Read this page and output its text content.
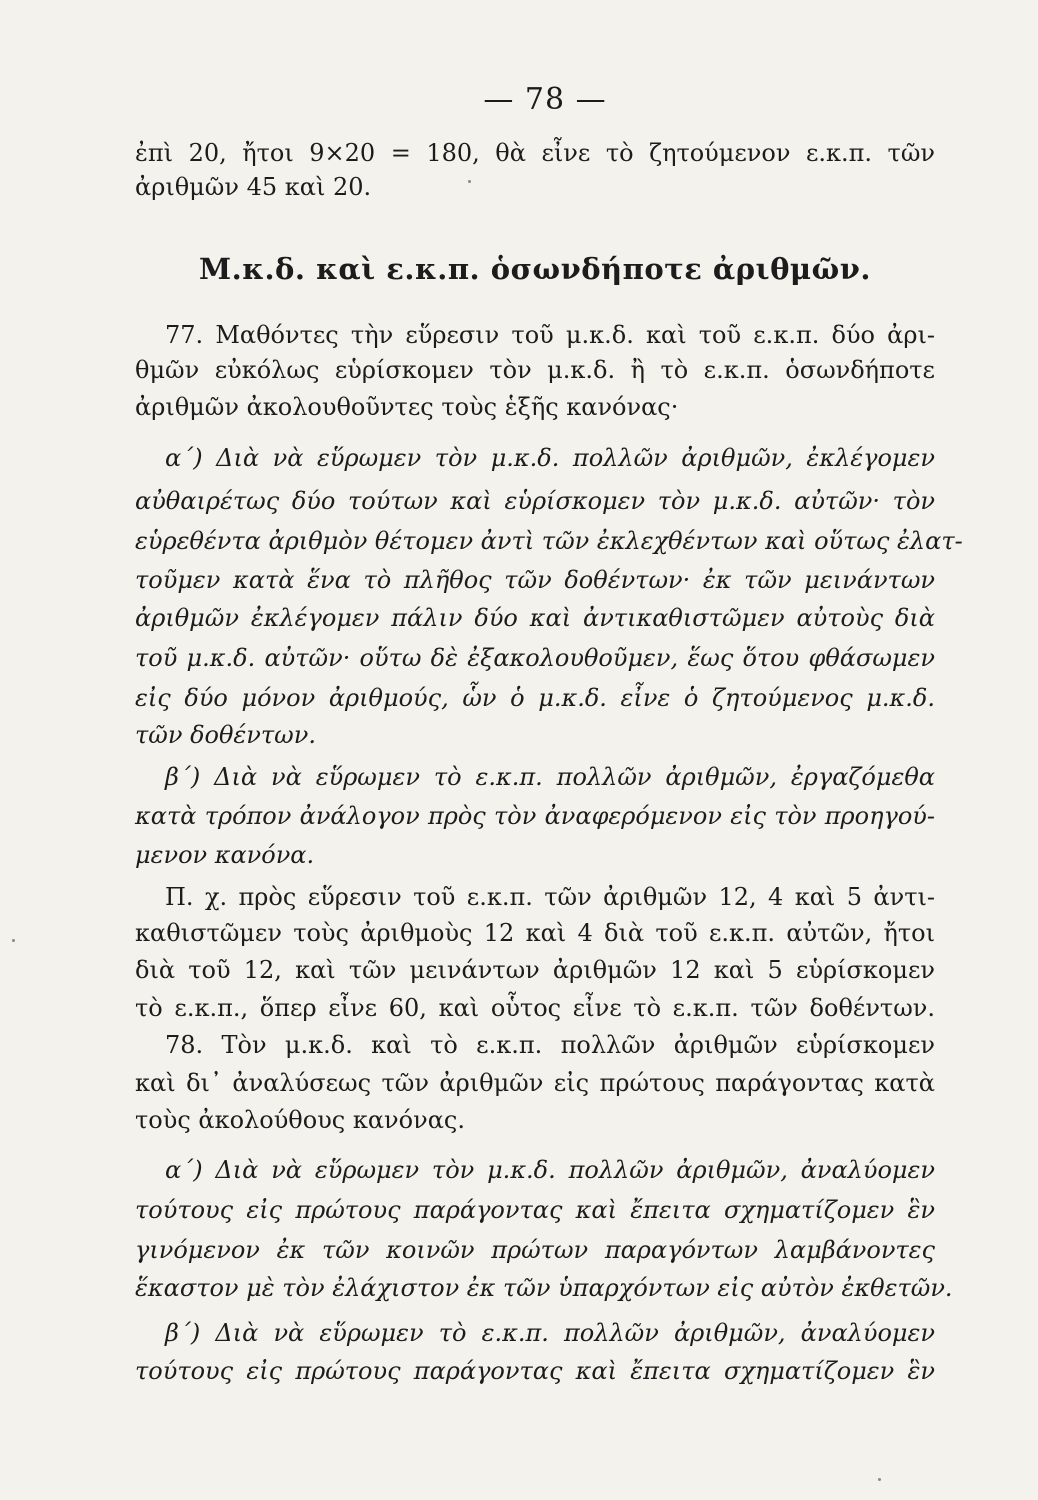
— 78 —
ἐπὶ 20, ἤτοι 9×20 = 180, θὰ εἶνε τὸ ζητούμενον ε.κ.π. τῶν
ἀριθμῶν 45 καὶ 20.
Μ.κ.δ. καὶ ε.κ.π. ὁσωνδήποτε ἀριθμῶν.
77. Μαθόντες τὴν εὕρεσιν τοῦ μ.κ.δ. καὶ τοῦ ε.κ.π. δύο ἀρι-
θμῶν εὐκόλως εὑρίσκομεν τὸν μ.κ.δ. ἢ τὸ ε.κ.π. ὁσωνδήποτε
ἀριθμῶν ἀκολουθοῦντες τοὺς ἑξῆς κανόνας·
α΄) Διὰ νὰ εὕρωμεν τὸν μ.κ.δ. πολλῶν ἀριθμῶν, ἐκλέγομεν
αὐθαιρέτως δύο τούτων καὶ εὑρίσκομεν τὸν μ.κ.δ. αὐτῶν· τὸν
εὑρεθέντα ἀριθμὸν θέτομεν ἀντὶ τῶν ἐκλεχθέντων καὶ οὕτως ἐλατ-
τοῦμεν κατὰ ἕνα τὸ πλῆθος τῶν δοθέντων· ἐκ τῶν μεινάντων
ἀριθμῶν ἐκλέγομεν πάλιν δύο καὶ ἀντικαθιστῶμεν αὐτοὺς διὰ
τοῦ μ.κ.δ. αὐτῶν· οὕτω δὲ ἐξακολουθοῦμεν, ἕως ὅτου φθάσωμεν
εἰς δύο μόνον ἀριθμούς, ὧν ὁ μ.κ.δ. εἶνε ὁ ζητούμενος μ.κ.δ.
τῶν δοθέντων.
β΄) Διὰ νὰ εὕρωμεν τὸ ε.κ.π. πολλῶν ἀριθμῶν, ἐργαζόμεθα
κατὰ τρόπον ἀνάλογον πρὸς τὸν ἀναφερόμενον εἰς τὸν προηγού-
μενον κανόνα.
Π. χ. πρὸς εὕρεσιν τοῦ ε.κ.π. τῶν ἀριθμῶν 12, 4 καὶ 5 ἀντι-
καθιστῶμεν τοὺς ἀριθμοὺς 12 καὶ 4 διὰ τοῦ ε.κ.π. αὐτῶν, ἤτοι
διὰ τοῦ 12, καὶ τῶν μεινάντων ἀριθμῶν 12 καὶ 5 εὑρίσκομεν
τὸ ε.κ.π., ὅπερ εἶνε 60, καὶ οὗτος εἶνε τὸ ε.κ.π. τῶν δοθέντων.
78. Τὸν μ.κ.δ. καὶ τὸ ε.κ.π. πολλῶν ἀριθμῶν εὑρίσκομεν
καὶ δι᾽ ἀναλύσεως τῶν ἀριθμῶν εἰς πρώτους παράγοντας κατὰ
τοὺς ἀκολούθους κανόνας.
α΄) Διὰ νὰ εὕρωμεν τὸν μ.κ.δ. πολλῶν ἀριθμῶν, ἀναλύομεν
τούτους εἰς πρώτους παράγοντας καὶ ἔπειτα σχηματίζομεν ἓν
γινόμενον ἐκ τῶν κοινῶν πρώτων παραγόντων λαμβάνοντες
ἕκαστον μὲ τὸν ἐλάχιστον ἐκ τῶν ὑπαρχόντων εἰς αὐτὸν ἐκθετῶν.
β΄) Διὰ νὰ εὕρωμεν τὸ ε.κ.π. πολλῶν ἀριθμῶν, ἀναλύομεν
τούτους εἰς πρώτους παράγοντας καὶ ἔπειτα σχηματίζομεν ἓν
